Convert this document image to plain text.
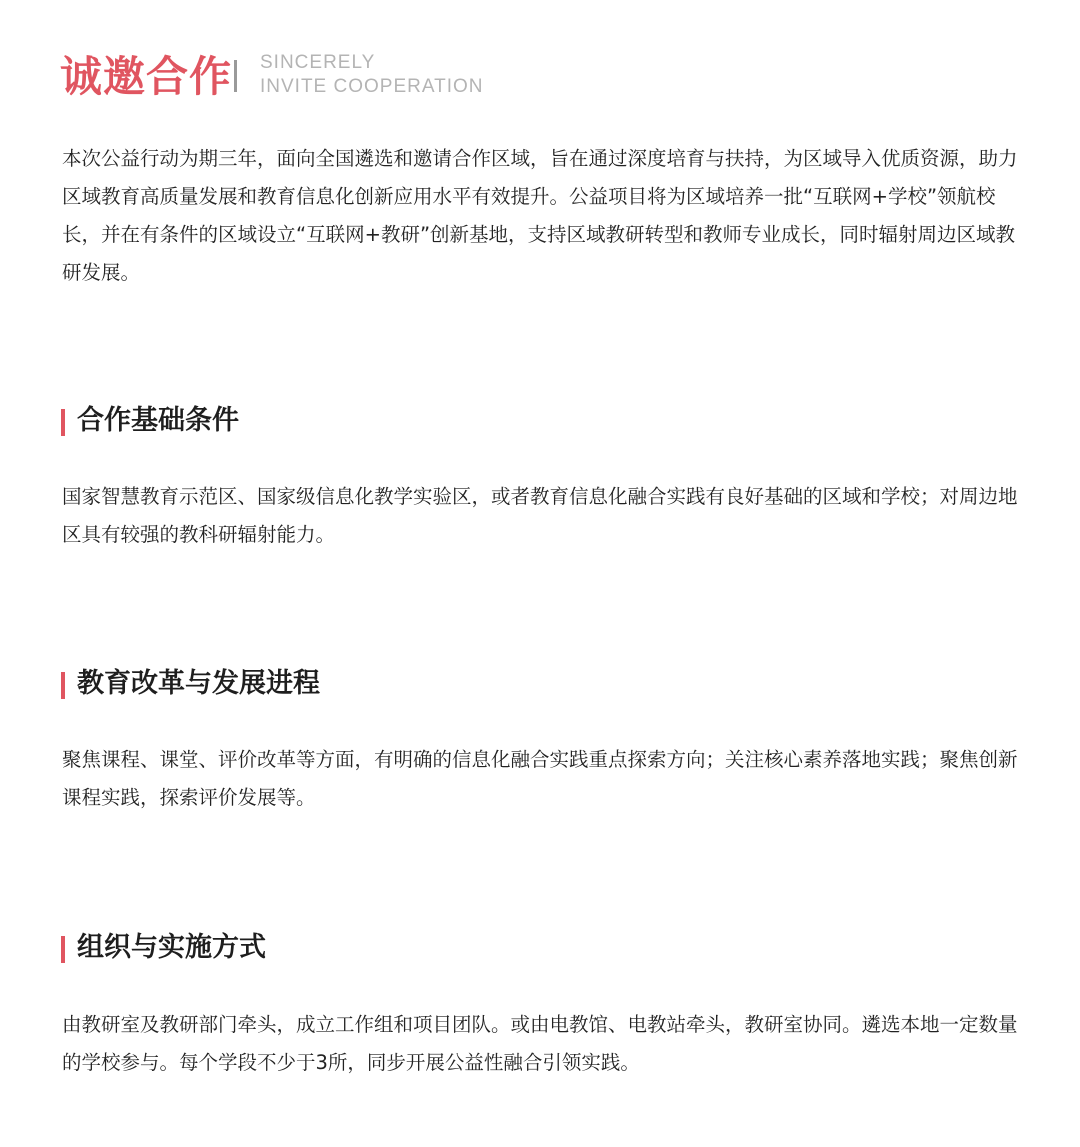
诚邀合作 SINCERELY
INVITE COOPERATION

本次公益行动为期三年，面向全国遴选和邀请合作区域，旨在通过深度培育与扶持，为区域导入优质资源，助力区域教育高质量发展和教育信息化创新应用水平有效提升。公益项目将为区域培养一批“互联网+学校”领航校长，并在有条件的区域设立“互联网+教研”创新基地，支持区域教研转型和教师专业成长，同时辐射周边区域教研发展。

合作基础条件

国家智慧教育示范区、国家级信息化教学实验区，或者教育信息化融合实践有良好基础的区域和学校；对周边地区具有较强的教科研辐射能力。

教育改革与发展进程

聚焦课程、课堂、评价改革等方面，有明确的信息化融合实践重点探索方向；关注核心素养落地实践；聚焦创新课程实践，探索评价发展等。

组织与实施方式

由教研室及教研部门牵头，成立工作组和项目团队。或由电教馆、电教站牵头，教研室协同。遴选本地一定数量的学校参与。每个学段不少于3所，同步开展公益性融合引领实践。
